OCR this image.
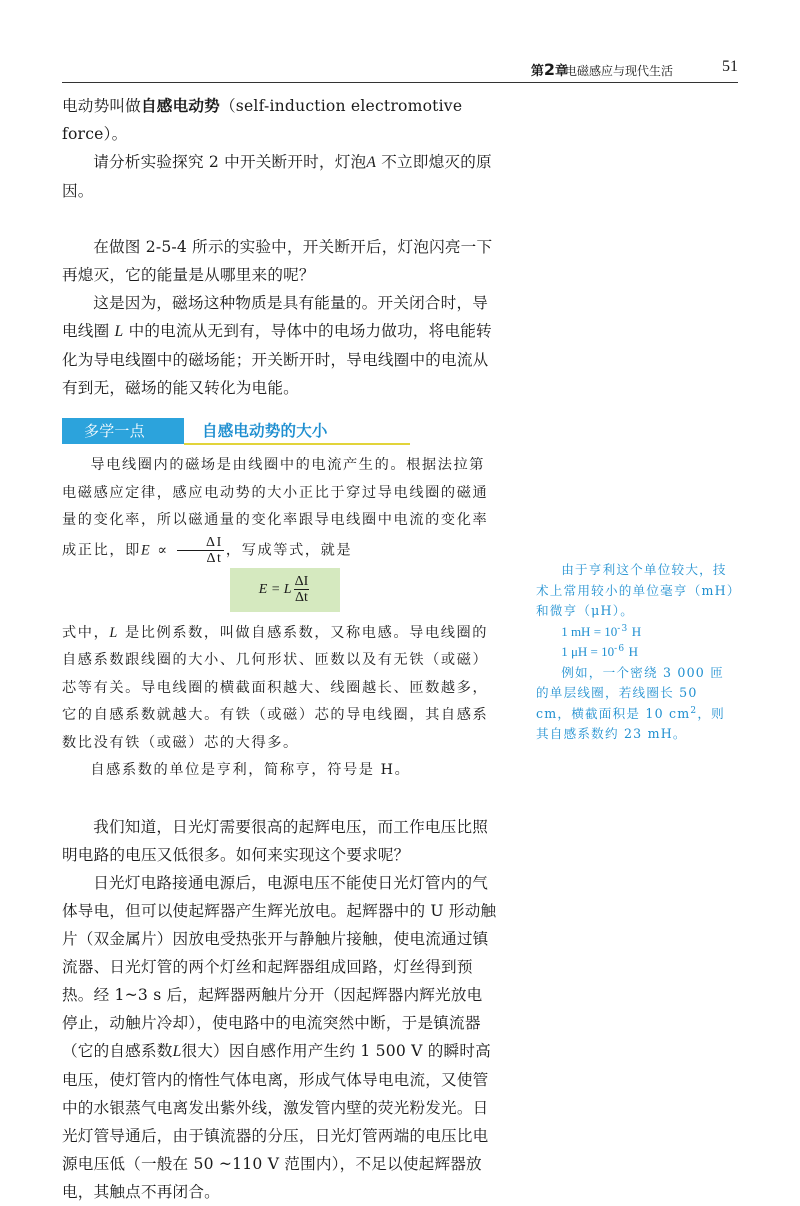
第2章
电磁感应与现代生活	51

电动势叫做自感电动势（self-induction electromotive force）。

请分析实验探究 2 中开关断开时，灯泡A 不立即熄灭的原因。

在做图 2-5-4 所示的实验中，开关断开后，灯泡闪亮一下再熄灭，它的能量是从哪里来的呢？

这是因为，磁场这种物质是具有能量的。开关闭合时，导电线圈 L 中的电流从无到有，导体中的电场力做功，将电能转化为导电线圈中的磁场能；开关断开时，导电线圈中的电流从有到无，磁场的能又转化为电能。

多学一点	自感电动势的大小

导电线圈内的磁场是由线圈中的电流产生的。根据法拉第电磁感应定律，感应电动势的大小正比于穿过导电线圈的磁通量的变化率，所以磁通量的变化率跟导电线圈中电流的变化率成正比，即$E \propto \frac{\Delta I}{\Delta t}$ ，写成等式，就是

E = L $\frac{\Delta I}{\Delta t}$

式中，L 是比例系数，叫做自感系数，又称电感。导电线圈的自感系数跟线圈的大小、几何形状、匝数以及有无铁（或磁）芯等有关。导电线圈的横截面积越大、线圈越长、匝数越多，它的自感系数就越大。有铁（或磁）芯的导电线圈，其自感系数比没有铁（或磁）芯的大得多。

自感系数的单位是亨利，简称亨，符号是 H。

我们知道，日光灯需要很高的起辉电压，而工作电压比照明电路的电压又低很多。如何来实现这个要求呢？

日光灯电路接通电源后，电源电压不能使日光灯管内的气体导电，但可以使起辉器产生辉光放电。起辉器中的 U 形动触片（双金属片）因放电受热张开与静触片接触，使电流通过镇流器、日光灯管的两个灯丝和起辉器组成回路，灯丝得到预热。经 1~3 s 后，起辉器两触片分开（因起辉器内辉光放电停止，动触片冷却），使电路中的电流突然中断，于是镇流器（它的自感系数L很大）因自感作用产生约 1 500 V 的瞬时高电压，使灯管内的惰性气体电离，形成气体导电电流，又使管中的水银蒸气电离发出紫外线，激发管内壁的荧光粉发光。日光灯管导通后，由于镇流器的分压，日光灯管两端的电压比电源电压低（一般在 50 ~110 V 范围内），不足以使起辉器放电，其触点不再闭合。

由于亨利这个单位较大，技术上常用较小的单位毫亨（mH）和微亨（μH）。

1 mH = $10^{-3}$ H

1 $\mu H = 10^{-6}$ H

例如，一个密绕 3 000 匝的单层线圈，若线圈长 50 cm，横截面积是 10 $cm^2$，则其自感系数约 23 mH。
